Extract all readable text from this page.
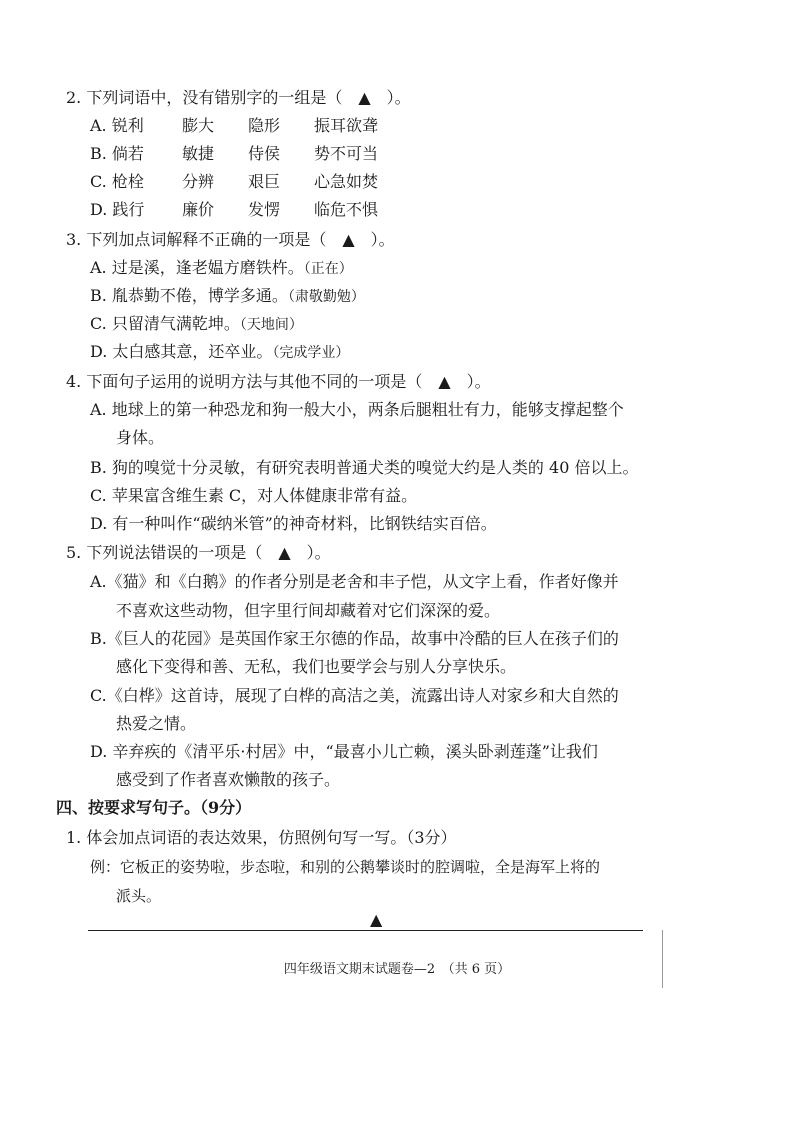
2. 下列词语中，没有错别字的一组是（　▲　）。
A. 锐利	膨大	隐形	振耳欲聋
B. 倘若	敏捷	侍侯	势不可当
C. 枪栓	分辨	艰巨	心急如焚
D. 践行	廉价	发愣	临危不惧
3. 下列加点词解释不正确的一项是（　▲　）。
A. 过是溪，逢老媪方磨铁杵。（正在）
B. 胤恭勤不倦，博学多通。（肃敬勤勉）
C. 只留清气满乾坤。（天地间）
D. 太白感其意，还卒业。（完成学业）
4. 下面句子运用的说明方法与其他不同的一项是（　▲　）。
A. 地球上的第一种恐龙和狗一般大小，两条后腿粗壮有力，能够支撑起整个
身体。
B. 狗的嗅觉十分灵敏，有研究表明普通犬类的嗅觉大约是人类的 40 倍以上。
C. 苹果富含维生素 C，对人体健康非常有益。
D. 有一种叫作“碳纳米管”的神奇材料，比钢铁结实百倍。
5. 下列说法错误的一项是（　▲　）。
A.《猫》和《白鹅》的作者分别是老舍和丰子恺，从文字上看，作者好像并
不喜欢这些动物，但字里行间却藏着对它们深深的爱。
B.《巨人的花园》是英国作家王尔德的作品，故事中冷酷的巨人在孩子们的
感化下变得和善、无私，我们也要学会与别人分享快乐。
C.《白桦》这首诗，展现了白桦的高洁之美，流露出诗人对家乡和大自然的
热爱之情。
D. 辛弃疾的《清平乐·村居》中，“最喜小儿亡赖，溪头卧剥莲蓬”让我们
感受到了作者喜欢懒散的孩子。
四、按要求写句子。（9分）
1. 体会加点词语的表达效果，仿照例句写一写。（3分）
例：它板正的姿势啦，步态啦，和别的公鹅攀谈时的腔调啦，全是海军上将的
派头。
▲
四年级语文期末试题卷—2　（共 6 页）
